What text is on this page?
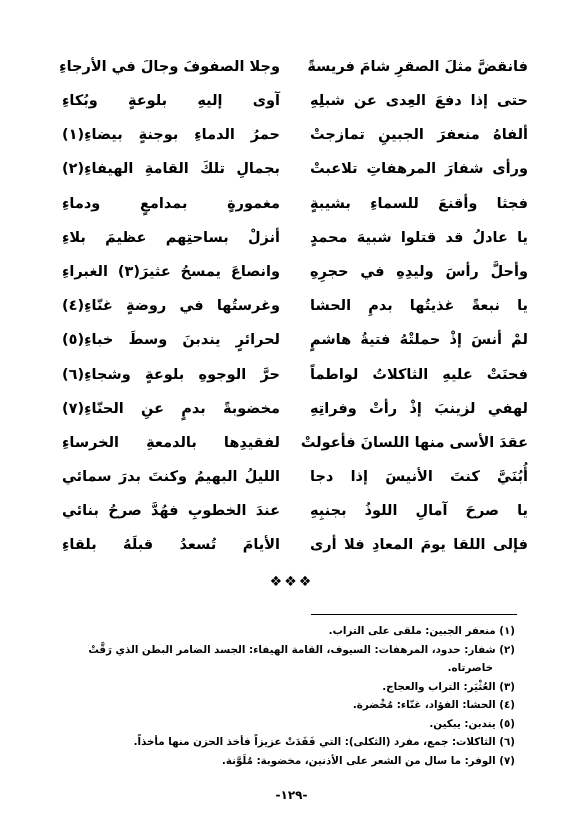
فانقضَّ مثلَ الصقرِ شامَ فريسةً
وجلا الصفوفَ وجالَ في الأرجاءِ
حتى إذا دفعَ العِدى عن شبلِهِ
آوى إليهِ بلوعةٍ وبُكاءِ
ألفاهُ منعفرَ الجبينِ تمازجتْ
حمرُ الدماءِ بوجنةٍ بيضاءِ(١)
ورأى شفارَ المرهفاتِ تلاعبتْ
بجمالِ تلكَ القامةِ الهيفاءِ(٢)
فجثا وأقنعَ للسماءِ بشيبةٍ
مغمورةٍ بمدامعٍ ودماءِ
يا عادلُ قد قتلوا شبيهَ محمدٍ
أنزلْ بساحتِهم عظيمَ بلاءِ
وأحلَّ رأسَ وليدِهِ في حجرِهِ
وانصاعَ يمسحُ عثيرَ(٣) الغبراءِ
يا نبعةً غذيتُها بدمِ الحشا
وغرستُها في روضةٍ غنّاءِ(٤)
لمْ أنسَ إذْ حملتْهُ فتيةُ هاشمٍ
لحرائرٍ يندبنَ وسطَ خباءِ(٥)
فحنَتْ عليهِ الثاكلاتُ لواطماً
حرَّ الوجوهِ بلوعةٍ وشجاءِ(٦)
لهفي لزينبَ إذْ رأتْ وفراتِهِ
مخضوبةً بدمٍ عنِ الحنّاءِ(٧)
عقدَ الأسى منها اللسانَ فأعولتْ
لفقيدِها بالدمعةِ الخرساءِ
أُبُنَيَّ كنتَ الأنيسَ إذا دجا
الليلُ البهيمُ وكنتَ بدرَ سمائي
يا صرحَ آمالِ اللوذُ بجنبِهِ
عندَ الخطوبِ فهُدَّ صرحُ بنائي
فإلى اللقا يومَ المعادِ فلا أرى
الأيامَ تُسعدُ قبلَهُ بلقاءِ
❖❖❖
(١) منعفر الجبين: ملقى على التراب.
(٢) شفار: حدود، المرهفات: السيوف، القامة الهيفاء: الجسد الضامر البطن الذي رَقَّتْ
خاصرتاه.
(٣) العُثْيَر: التراب والعجاج.
(٤) الحشا: الفؤاد، غنّاء: مُخْضرة.
(٥) يندبن: يبكين.
(٦) الثاكلات: جمع، مفرد (الثكلى): التي فَقَدَتْ عزيزاً فأخذ الحزن منها مأخذاً.
(٧) الوفر: ما سال من الشعر على الأذنين، مخضوبة: مُلَوَّنة.
-١٢٩-
